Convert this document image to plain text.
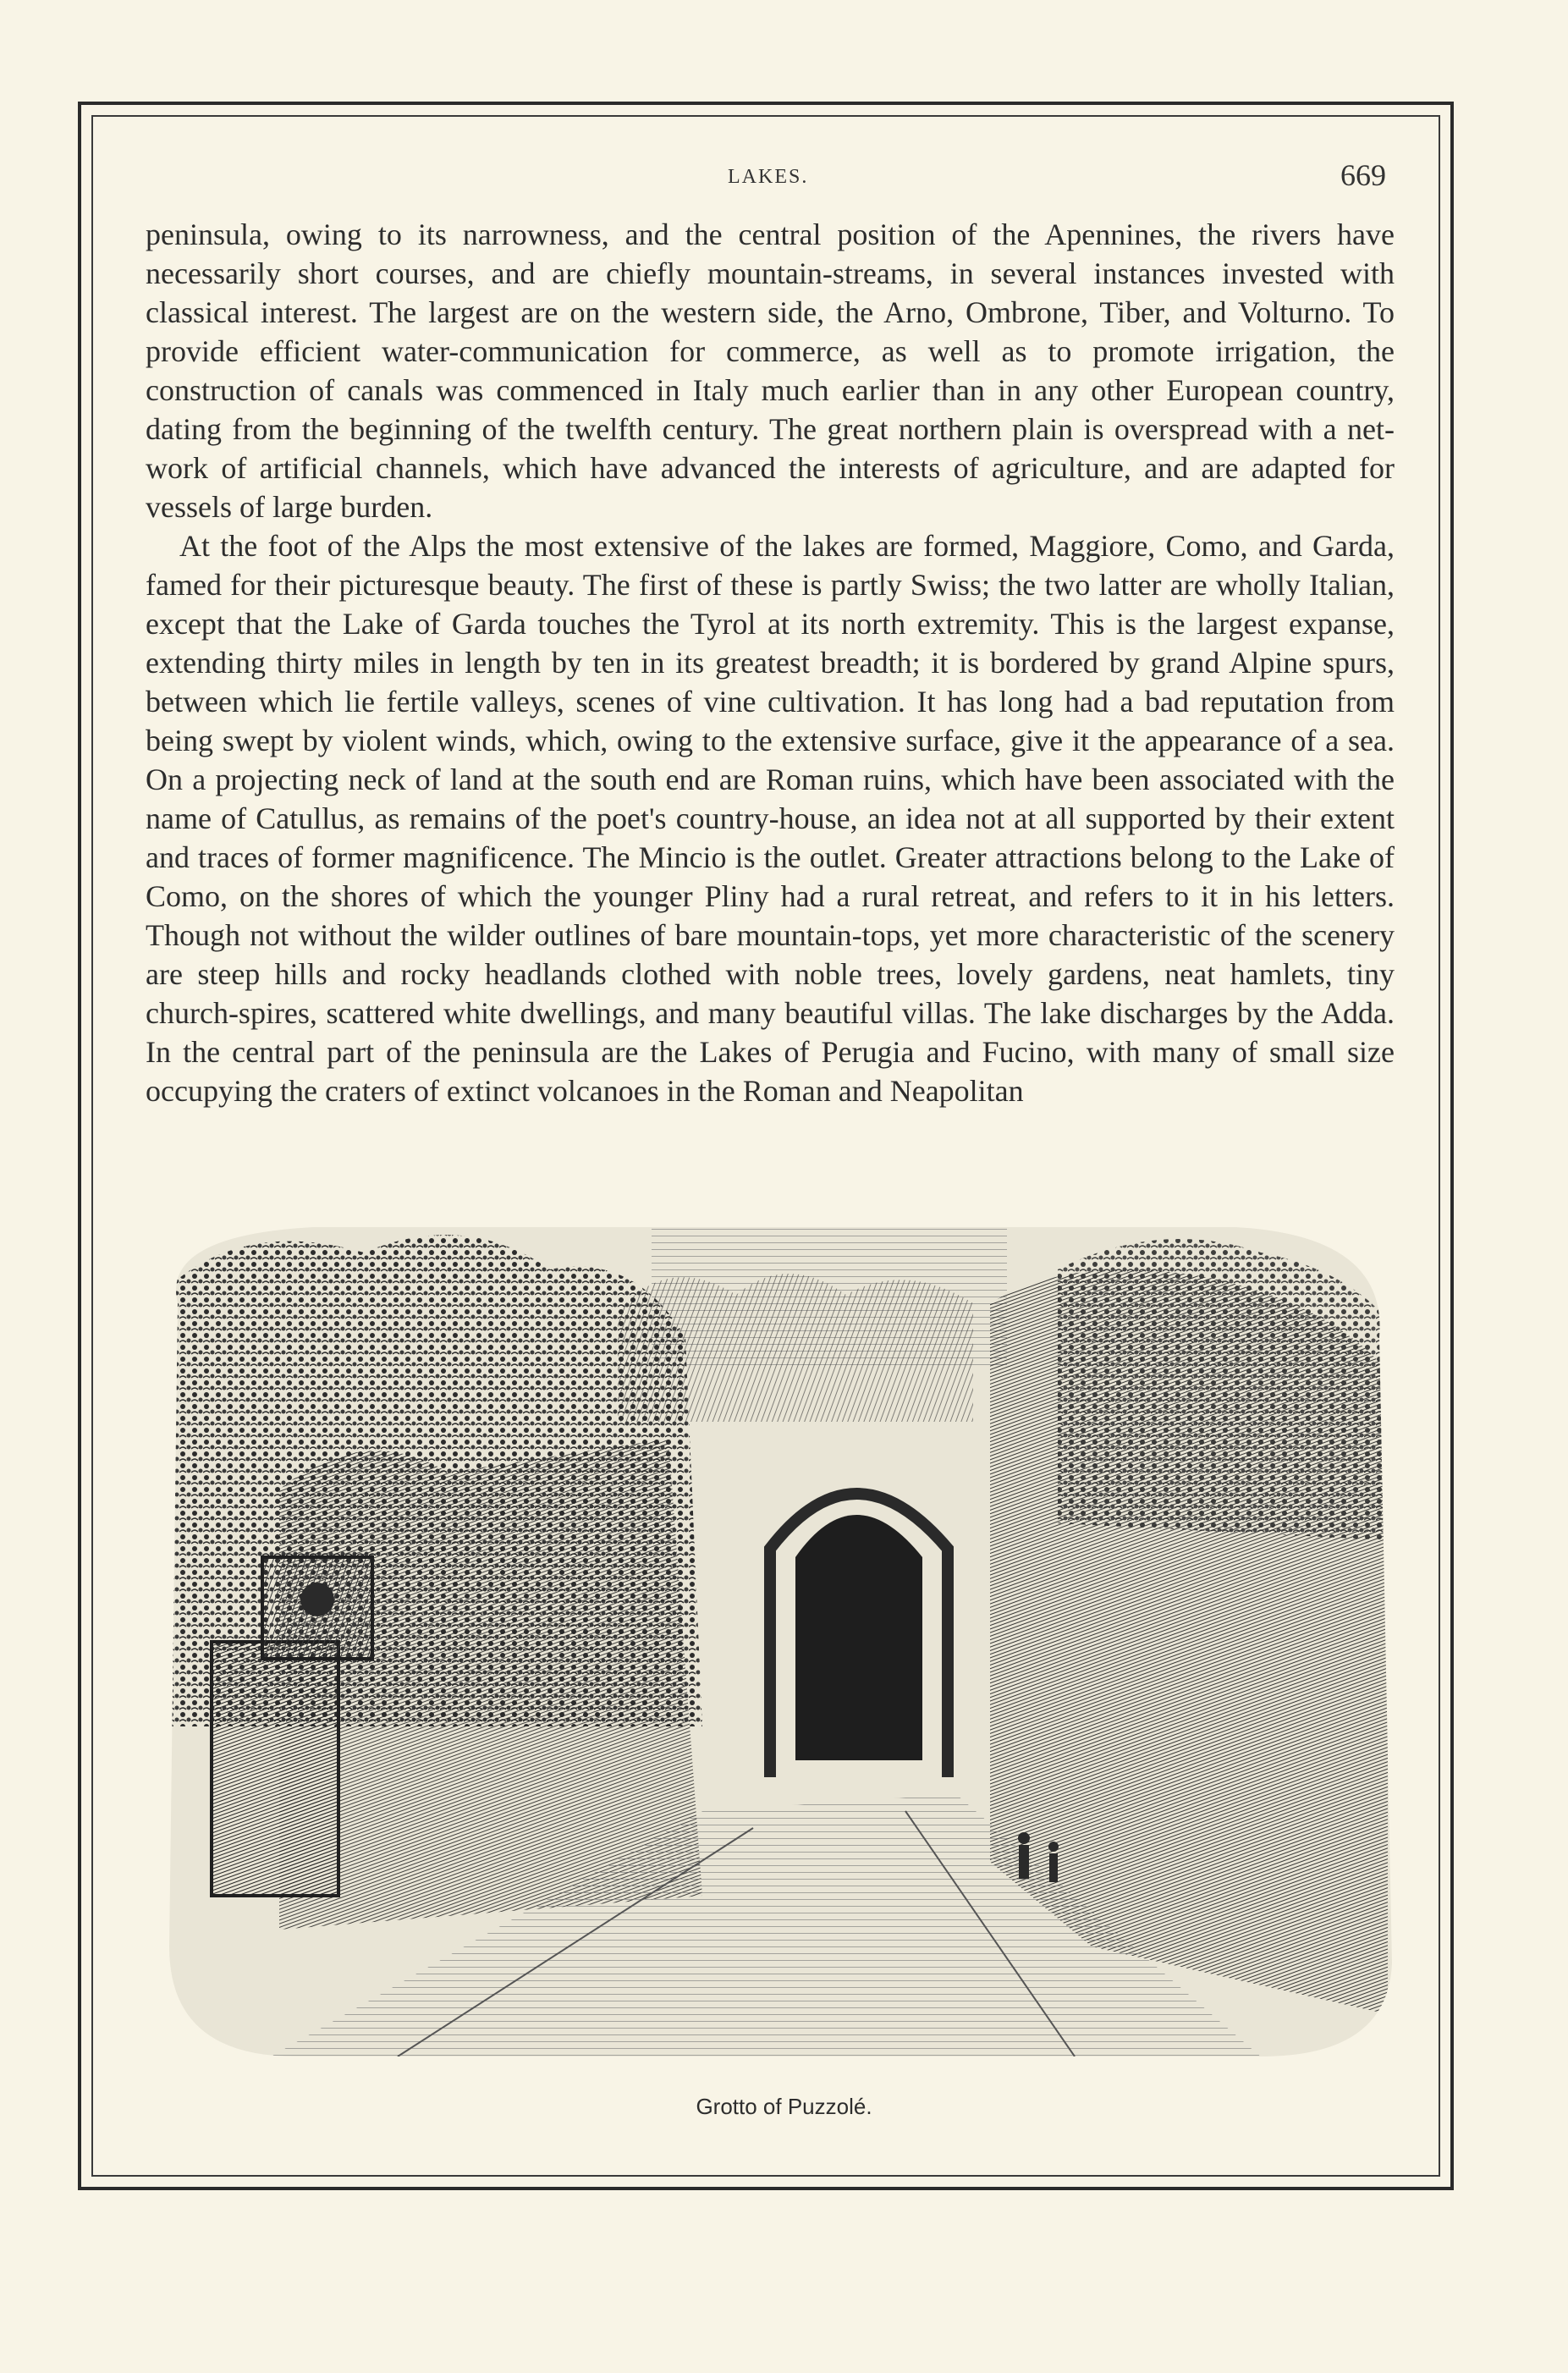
LAKES.	669

peninsula, owing to its narrowness, and the central position of the Apennines, the rivers have necessarily short courses, and are chiefly mountain-streams, in several instances invested with classical interest. The largest are on the western side, the Arno, Ombrone, Tiber, and Volturno. To provide efficient water-communication for commerce, as well as to promote irrigation, the construction of canals was commenced in Italy much earlier than in any other European country, dating from the beginning of the twelfth century. The great northern plain is overspread with a net-work of artificial channels, which have advanced the interests of agriculture, and are adapted for vessels of large burden.

At the foot of the Alps the most extensive of the lakes are formed, Maggiore, Como, and Garda, famed for their picturesque beauty. The first of these is partly Swiss; the two latter are wholly Italian, except that the Lake of Garda touches the Tyrol at its north extremity. This is the largest expanse, extending thirty miles in length by ten in its greatest breadth; it is bordered by grand Alpine spurs, between which lie fertile valleys, scenes of vine cultivation. It has long had a bad reputation from being swept by violent winds, which, owing to the extensive surface, give it the appearance of a sea. On a projecting neck of land at the south end are Roman ruins, which have been associated with the name of Catullus, as remains of the poet's country-house, an idea not at all supported by their extent and traces of former magnificence. The Mincio is the outlet. Greater attractions belong to the Lake of Como, on the shores of which the younger Pliny had a rural retreat, and refers to it in his letters. Though not without the wilder outlines of bare mountain-tops, yet more characteristic of the scenery are steep hills and rocky headlands clothed with noble trees, lovely gardens, neat hamlets, tiny church-spires, scattered white dwellings, and many beautiful villas. The lake discharges by the Adda. In the central part of the peninsula are the Lakes of Perugia and Fucino, with many of small size occupying the craters of extinct volcanoes in the Roman and Neapolitan

Grotto of Puzzolé.
